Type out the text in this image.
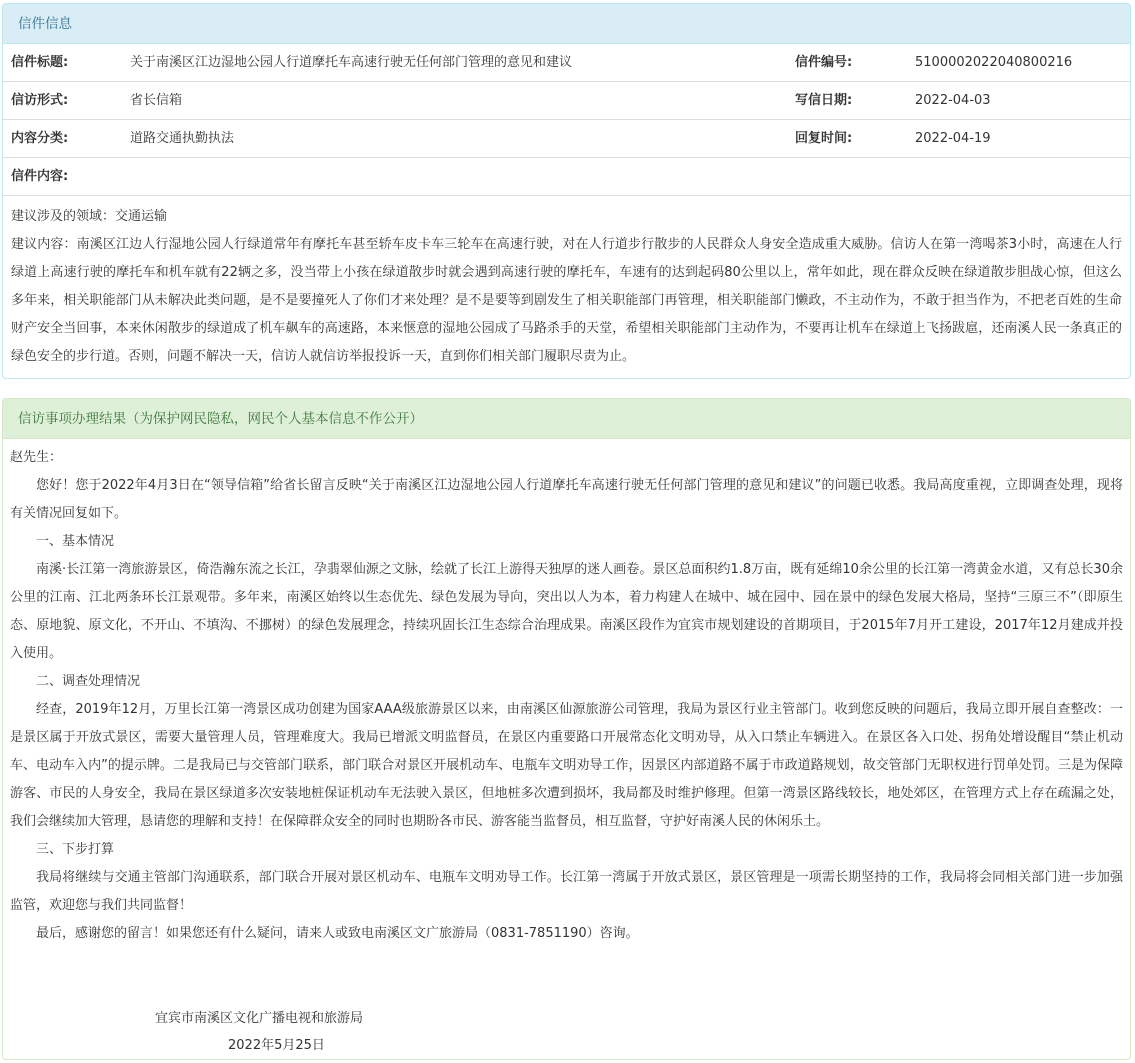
信件信息
信件标题:	关于南溪区江边湿地公园人行道摩托车高速行驶无任何部门管理的意见和建议	信件编号:	5100002022040800216
信访形式:	省长信箱	写信日期:	2022-04-03
内容分类:	道路交通执勤执法	回复时间:	2022-04-19
信件内容:

建议涉及的领域：交通运输

建议内容：南溪区江边人行湿地公园人行绿道常年有摩托车甚至轿车皮卡车三轮车在高速行驶，对在人行道步行散步的人民群众人身安全造成重大威胁。信访人在第一湾喝茶3小时，高速在人行绿道上高速行驶的摩托车和机车就有22辆之多，没当带上小孩在绿道散步时就会遇到高速行驶的摩托车，车速有的达到起码80公里以上，常年如此，现在群众反映在绿道散步胆战心惊，但这么多年来，相关职能部门从未解决此类问题，是不是要撞死人了你们才来处理？是不是要等到剧发生了相关职能部门再管理，相关职能部门懒政，不主动作为，不敢于担当作为，不把老百姓的生命财产安全当回事，本来休闲散步的绿道成了机车飙车的高速路，本来惬意的湿地公园成了马路杀手的天堂，希望相关职能部门主动作为，不要再让机车在绿道上飞扬跋扈，还南溪人民一条真正的绿色安全的步行道。否则，问题不解决一天，信访人就信访举报投诉一天，直到你们相关部门履职尽责为止。

信访事项办理结果（为保护网民隐私，网民个人基本信息不作公开）

赵先生：

您好！您于2022年4月3日在“领导信箱”给省长留言反映“关于南溪区江边湿地公园人行道摩托车高速行驶无任何部门管理的意见和建议”的问题已收悉。我局高度重视，立即调查处理，现将有关情况回复如下。

一、基本情况

南溪·长江第一湾旅游景区，倚浩瀚东流之长江，孕翡翠仙源之文脉，绘就了长江上游得天独厚的迷人画卷。景区总面积约1.8万亩，既有延绵10余公里的长江第一湾黄金水道，又有总长30余公里的江南、江北两条环长江景观带。多年来，南溪区始终以生态优先、绿色发展为导向，突出以人为本，着力构建人在城中、城在园中、园在景中的绿色发展大格局，坚持“三原三不”（即原生态、原地貌、原文化，不开山、不填沟、不挪树）的绿色发展理念，持续巩固长江生态综合治理成果。南溪区段作为宜宾市规划建设的首期项目，于2015年7月开工建设，2017年12月建成并投入使用。

二、调查处理情况

经查，2019年12月，万里长江第一湾景区成功创建为国家AAA级旅游景区以来，由南溪区仙源旅游公司管理，我局为景区行业主管部门。收到您反映的问题后，我局立即开展自查整改：一是景区属于开放式景区，需要大量管理人员，管理难度大。我局已增派文明监督员，在景区内重要路口开展常态化文明劝导，从入口禁止车辆进入。在景区各入口处、拐角处增设醒目“禁止机动车、电动车入内”的提示牌。二是我局已与交管部门联系，部门联合对景区开展机动车、电瓶车文明劝导工作，因景区内部道路不属于市政道路规划，故交管部门无职权进行罚单处罚。三是为保障游客、市民的人身安全，我局在景区绿道多次安装地桩保证机动车无法驶入景区，但地桩多次遭到损坏，我局都及时维护修理。但第一湾景区路线较长，地处郊区，在管理方式上存在疏漏之处，我们会继续加大管理，恳请您的理解和支持！在保障群众安全的同时也期盼各市民、游客能当监督员，相互监督，守护好南溪人民的休闲乐土。

三、下步打算

我局将继续与交通主管部门沟通联系，部门联合开展对景区机动车、电瓶车文明劝导工作。长江第一湾属于开放式景区，景区管理是一项需长期坚持的工作，我局将会同相关部门进一步加强监管，欢迎您与我们共同监督！

最后，感谢您的留言！如果您还有什么疑问，请来人或致电南溪区文广旅游局（0831-7851190）咨询。

宜宾市南溪区文化广播电视和旅游局
2022年5月25日
